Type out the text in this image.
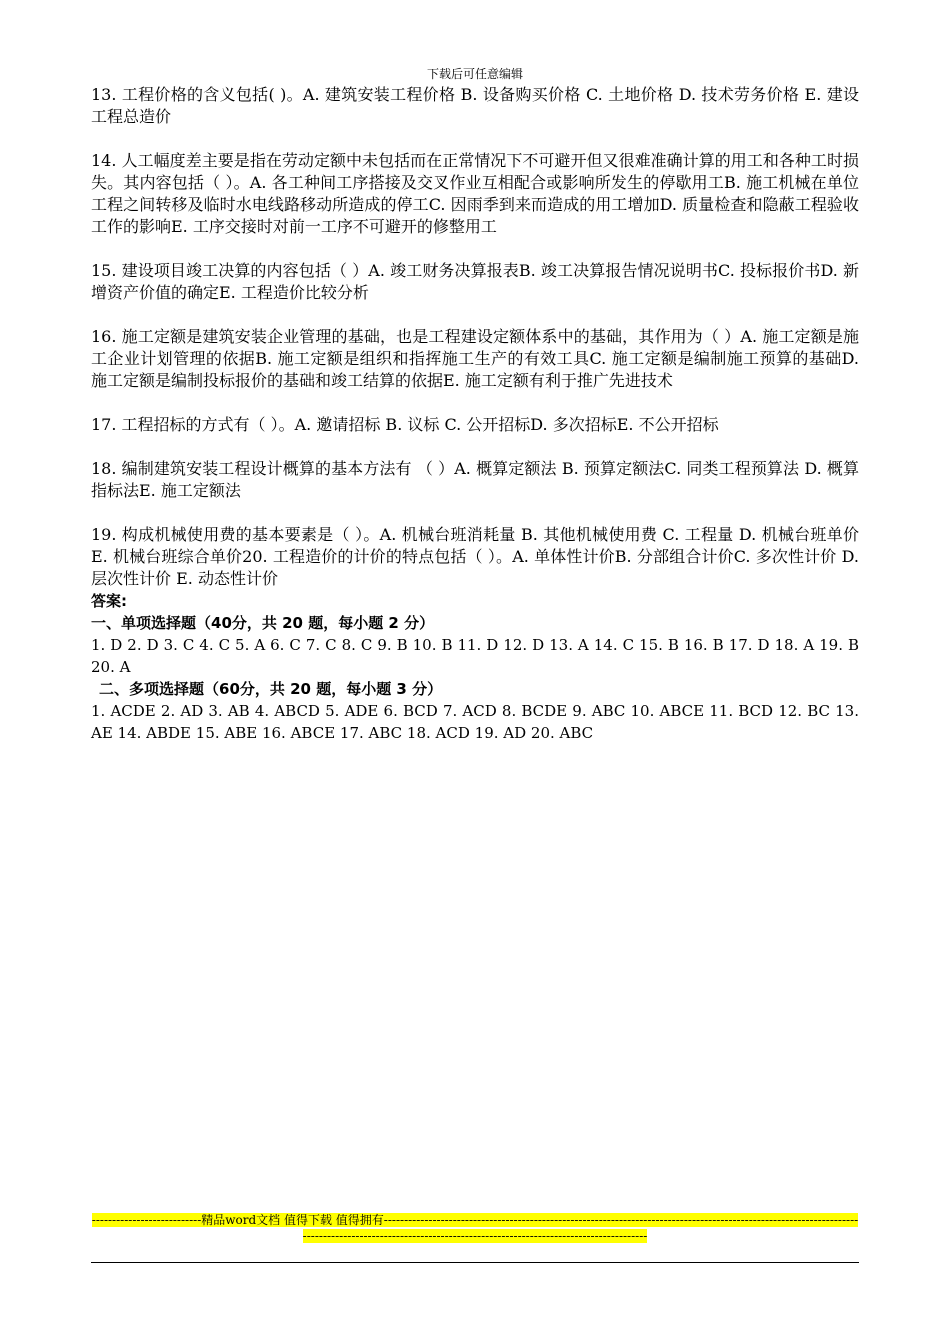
下载后可任意编辑

13. 工程价格的含义包括( )。A. 建筑安装工程价格 B. 设备购买价格 C. 土地价格 D. 技术劳务价格 E. 建设工程总造价

14. 人工幅度差主要是指在劳动定额中未包括而在正常情况下不可避开但又很难准确计算的用工和各种工时损失。其内容包括（ ）。A. 各工种间工序搭接及交叉作业互相配合或影响所发生的停歇用工B. 施工机械在单位工程之间转移及临时水电线路移动所造成的停工C. 因雨季到来而造成的用工增加D. 质量检查和隐蔽工程验收工作的影响E. 工序交接时对前一工序不可避开的修整用工

15. 建设项目竣工决算的内容包括（ ）A. 竣工财务决算报表B. 竣工决算报告情况说明书C. 投标报价书D. 新增资产价值的确定E. 工程造价比较分析

16. 施工定额是建筑安装企业管理的基础，也是工程建设定额体系中的基础，其作用为（ ）A. 施工定额是施工企业计划管理的依据B. 施工定额是组织和指挥施工生产的有效工具C. 施工定额是编制施工预算的基础D. 施工定额是编制投标报价的基础和竣工结算的依据E. 施工定额有利于推广先进技术

17. 工程招标的方式有（ ）。A. 邀请招标 B. 议标 C. 公开招标D. 多次招标E. 不公开招标

18. 编制建筑安装工程设计概算的基本方法有 （ ）A. 概算定额法 B. 预算定额法C. 同类工程预算法 D. 概算指标法E. 施工定额法

19. 构成机械使用费的基本要素是（ ）。A. 机械台班消耗量 B. 其他机械使用费 C. 工程量 D. 机械台班单价 E. 机械台班综合单价20. 工程造价的计价的特点包括（ ）。A. 单体性计价B. 分部组合计价C. 多次性计价 D. 层次性计价 E. 动态性计价

答案:
一、单项选择题（40分，共 20 题，每小题 2 分）
1. D 2. D 3. C 4. C 5. A 6. C 7. C 8. C 9. B 10. B 11. D 12. D 13. A 14. C 15. B 16. B 17. D 18. A 19. B 20. A
二、多项选择题（60分，共 20 题，每小题 3 分）
1. ACDE 2. AD 3. AB 4. ABCD 5. ADE 6. BCD 7. ACD 8. BCDE 9. ABC 10. ABCE 11. BCD 12. BC 13. AE 14. ABDE 15. ABE 16. ABCE 17. ABC 18. ACD 19. AD 20. ABC
---------------------------精品word文档 值得下载 值得拥有----------------------------------------------------------------------------------------------------------------------------------------------------------------------------------------------------------
